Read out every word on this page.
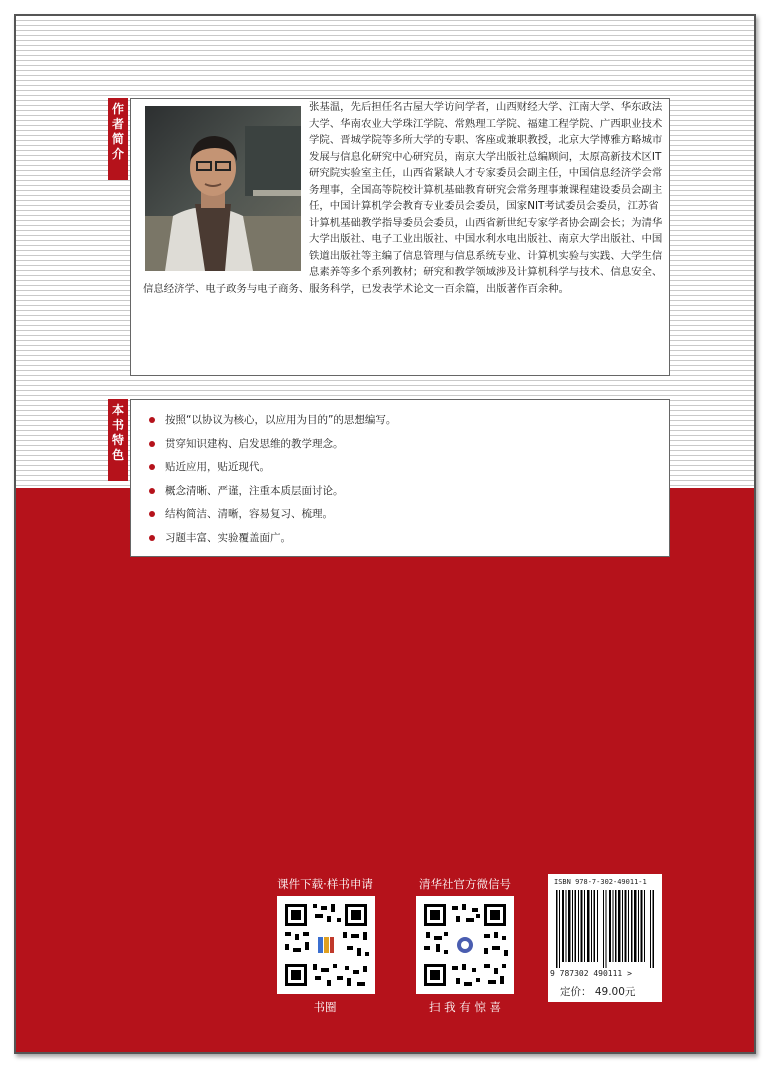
作
者
简
介
张基温，先后担任名古屋大学访问学者，山西财经大学、江南大学、华东政法大学、华南农业大学珠江学院、常熟理工学院、福建工程学院、广西职业技术学院、晋城学院等多所大学的专职、客座或兼职教授，北京大学博雅方略城市发展与信息化研究中心研究员，南京大学出版社总编顾问，太原高新技术区IT研究院实验室主任，山西省紧缺人才专家委员会副主任，中国信息经济学会常务理事，全国高等院校计算机基础教育研究会常务理事兼课程建设委员会副主任，中国计算机学会教育专业委员会委员，国家NIT考试委员会委员，江苏省计算机基础教学指导委员会委员，山西省新世纪专家学者协会副会长；为清华大学出版社、电子工业出版社、中国水利水电出版社、南京大学出版社、中国铁道出版社等主编了信息管理与信息系统专业、计算机实验与实践、大学生信息素养等多个系列教材；研究和教学领域涉及计算机科学与技术、信息安全、信息经济学、电子政务与电子商务、服务科学，已发表学术论文一百余篇，出版著作百余种。
本
书
特
色
按照“以协议为核心，以应用为目的”的思想编写。
贯穿知识建构、启发思维的教学理念。
贴近应用，贴近现代。
概念清晰、严谨，注重本质层面讨论。
结构简洁、清晰，容易复习、梳理。
习题丰富、实验覆盖面广。
课件下载·样书申请
书圈
清华社官方微信号
扫 我 有 惊 喜
ISBN 978-7-302-49011-1
9 787302 490111 >
定价： 49.00元
